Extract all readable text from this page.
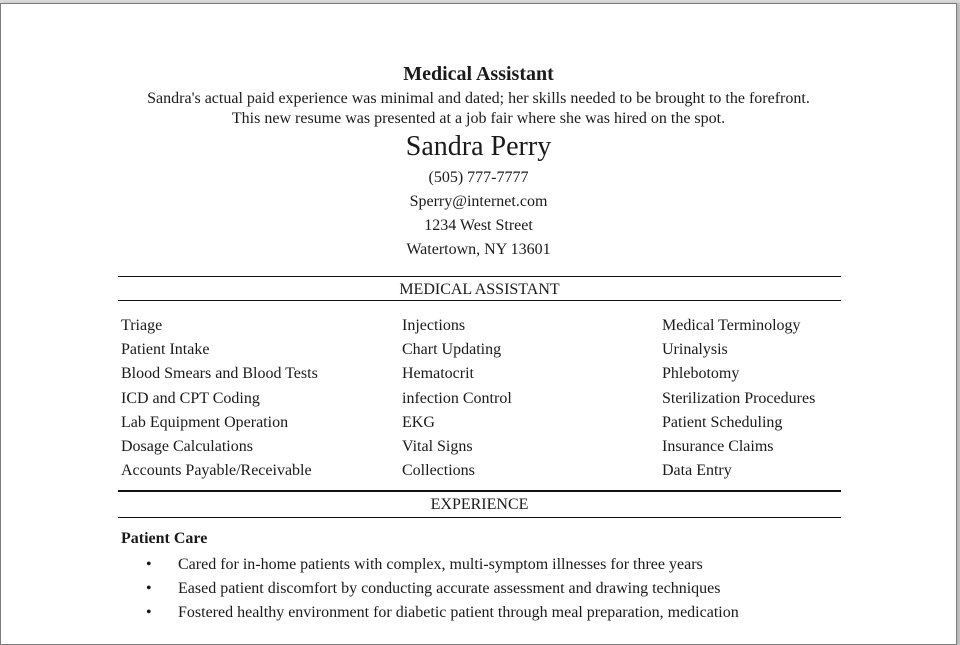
Medical Assistant
Sandra's actual paid experience was minimal and dated; her skills needed to be brought to the forefront. This new resume was presented at a job fair where she was hired on the spot.
Sandra Perry
(505) 777-7777
Sperry@internet.com
1234 West Street
Watertown, NY 13601
MEDICAL ASSISTANT
Triage
Patient Intake
Blood Smears and Blood Tests
ICD and CPT Coding
Lab Equipment Operation
Dosage Calculations
Accounts Payable/Receivable
Injections
Chart Updating
Hematocrit
infection Control
EKG
Vital Signs
Collections
Medical Terminology
Urinalysis
Phlebotomy
Sterilization Procedures
Patient Scheduling
Insurance Claims
Data Entry
EXPERIENCE
Patient Care
• Cared for in-home patients with complex, multi-symptom illnesses for three years
• Eased patient discomfort by conducting accurate assessment and drawing techniques
• Fostered healthy environment for diabetic patient through meal preparation, medication
